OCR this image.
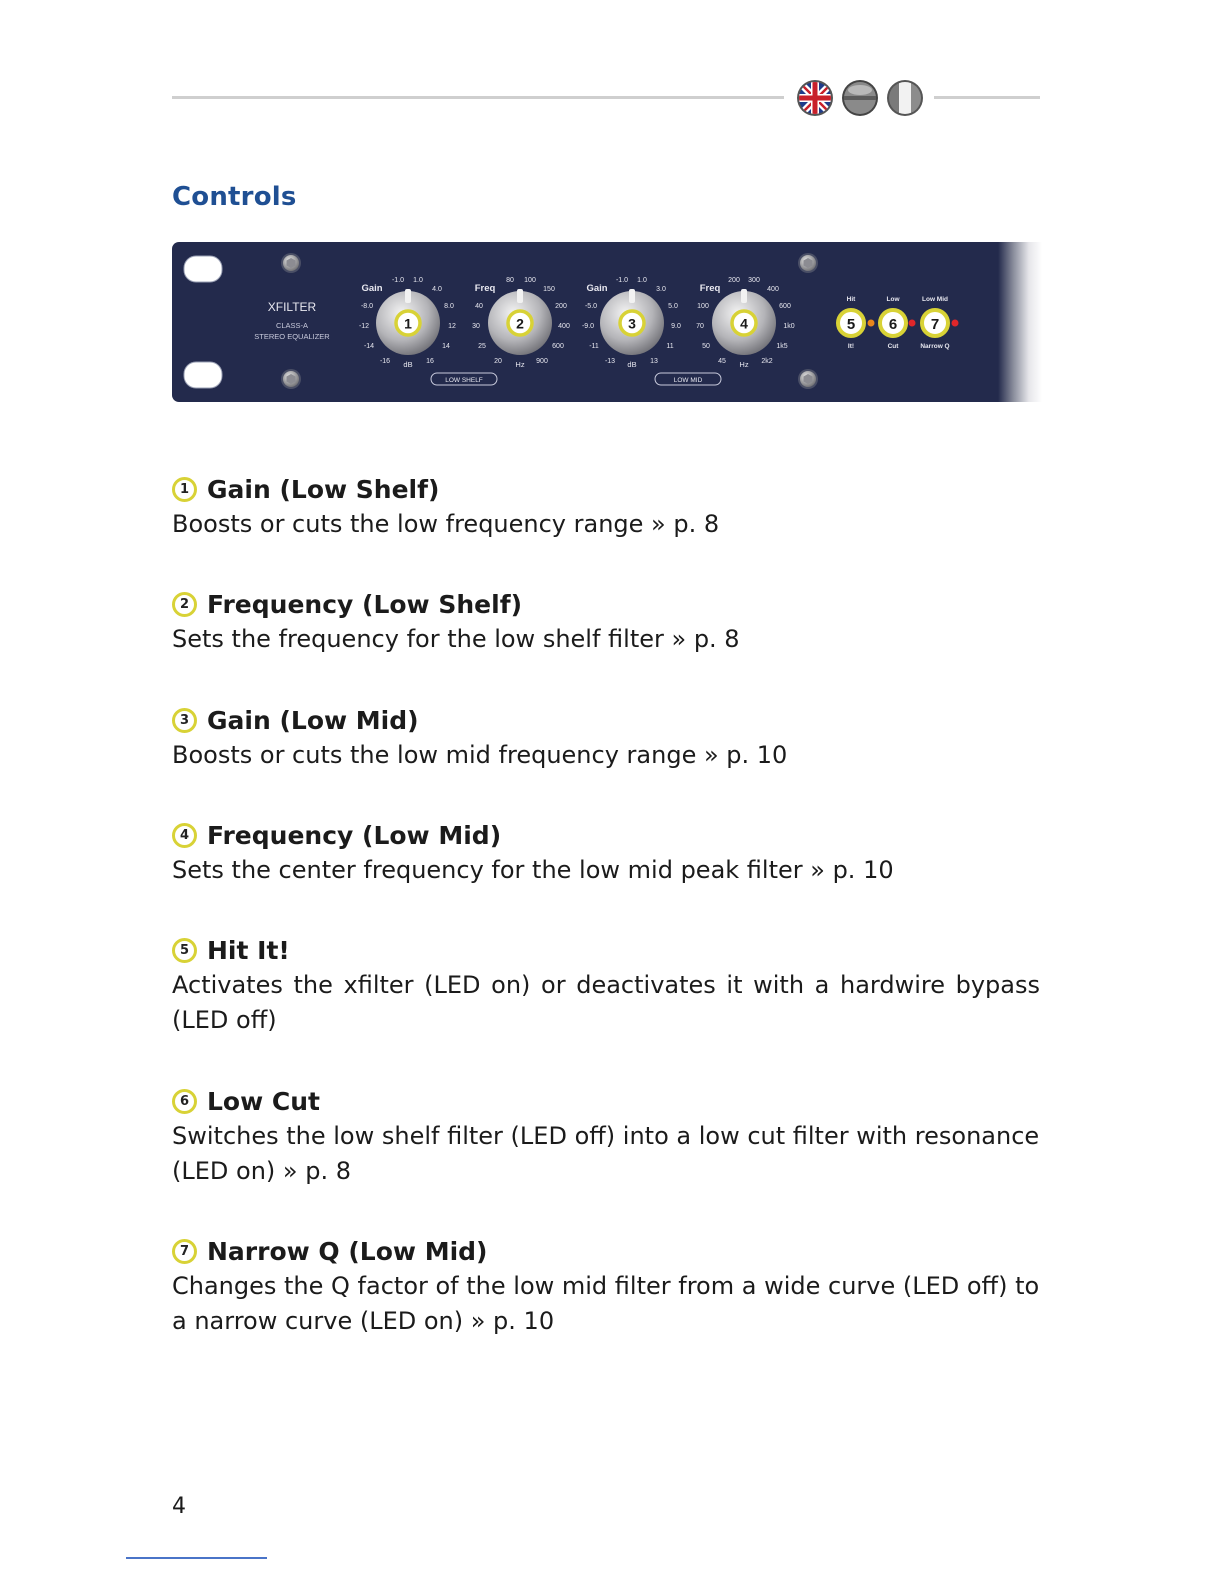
Controls
XFILTER
CLASS-A
STEREO EQUALIZER
Gain
-1.0 1.0
4.0
-8.0	8.0
-12	12
-14	14
-16	16
dB
1
LOW SHELF
Freq
80 100
150
40	200
30	400
25	600
20	900
Hz
2
Gain
-1.0 1.0
3.0
-5.0	5.0
-9.0	9.0
-11	11
-13	13
dB
3
LOW MID
Freq
200 300
400
100	600
70	1k0
50	1k5
45	2k2
Hz
4
Hit
It!
5
Low
Cut
6
Low Mid
Narrow Q
7
1 Gain (Low Shelf)
Boosts or cuts the low frequency range » p. 8
2 Frequency (Low Shelf)
Sets the frequency for the low shelf filter » p. 8
3 Gain (Low Mid)
Boosts or cuts the low mid frequency range » p. 10
4 Frequency (Low Mid)
Sets the center frequency for the low mid peak filter » p. 10
5 Hit It!
Activates the xfilter (LED on) or deactivates it with a hardwire bypass (LED off)
6 Low Cut
Switches the low shelf filter (LED off) into a low cut filter with resonance (LED on) » p. 8
7 Narrow Q (Low Mid)
Changes the Q factor of the low mid filter from a wide curve (LED off) to a narrow curve (LED on) » p. 10
4
